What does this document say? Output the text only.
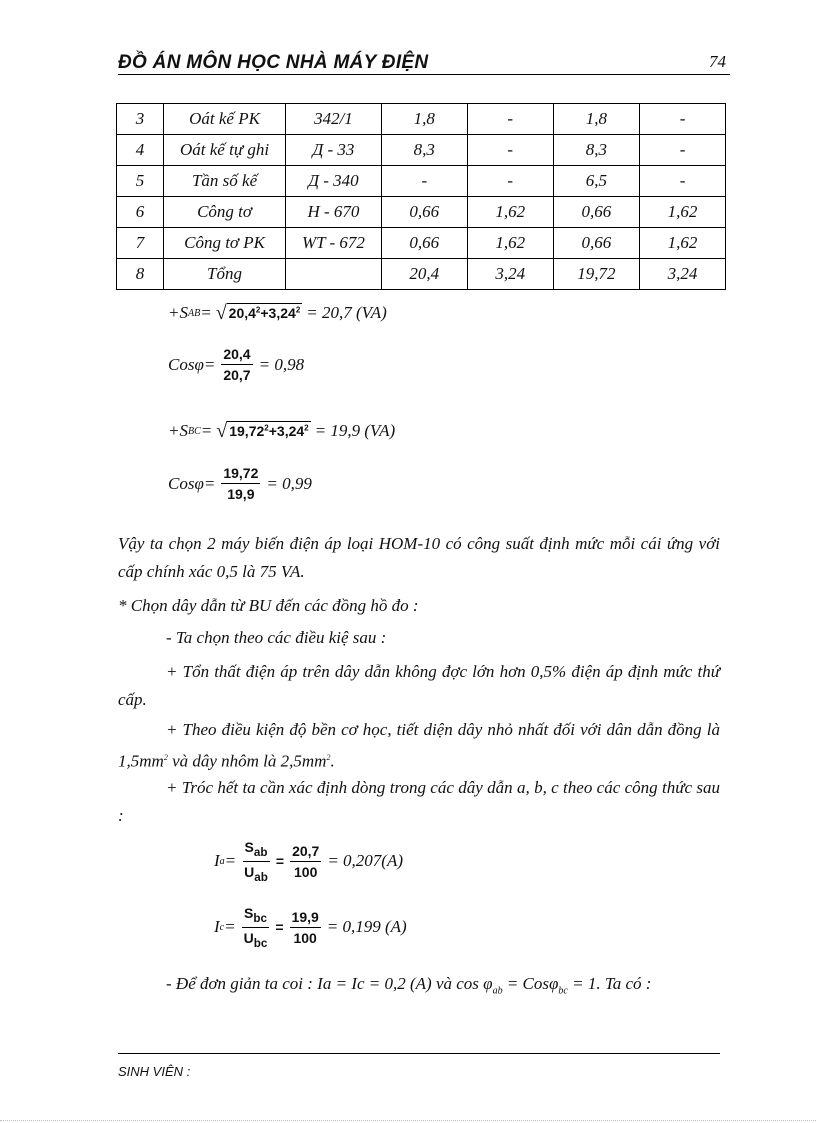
ĐỒ ÁN MÔN HỌC NHÀ MÁY ĐIỆN	74
3	Oát kế PK	342/1	1,8	-	1,8	-
4	Oát kế tự ghi	Д - 33	8,3	-	8,3	-
5	Tần số kế	Д - 340	-	-	6,5	-
6	Công tơ	H - 670	0,66	1,62	0,66	1,62
7	Công tơ PK	WT - 672	0,66	1,62	0,66	1,62
8	Tổng		20,4	3,24	19,72	3,24
+S AB = √ $20,4^2+3,24^2 = 20,7$ (VA)
$Cos\varphi= \frac{20,4}{20,7} = 0,98$
+S BC = √ $19,72^2+3,24^2 = 19,9$ (VA)
$Cos\varphi= \frac{19,72}{19,9} = 0,99$
Vậy ta chọn 2 máy biến điện áp loại HOM-10 có công suất định mức mỗi cái ứng với cấp chính xác 0,5 là 75 VA.
* Chọn dây dẫn từ BU đến các đồng hồ đo :
- Ta chọn theo các điều kiệ sau :
+ Tổn thất điện áp trên dây dẫn không đợc lớn hơn 0,5% điện áp định mức thứ cấp.
+ Theo điều kiện độ bền cơ học, tiết diện dây nhỏ nhất đối với dân dẫn đồng là $1,5mm^2$ và dây nhôm là $2,5mm^2$.
+ Tróc hết ta cần xác định dòng trong các dây dẫn a, b, c theo các công thức sau :
I $a = \frac{S_{ab}}{U_{ab}} = \frac{20,7}{100} = 0,207(A)$
I $c = \frac{S_{bc}}{U_{bc}} = \frac{19,9}{100} = 0,199$ (A)
- Để đơn giản ta coi : Ia = Ic = 0,2 (A) và $\cos \varphi_{ab} = Cos\varphi_{bc} = 1$. Ta có :
SINH VIÊN :
